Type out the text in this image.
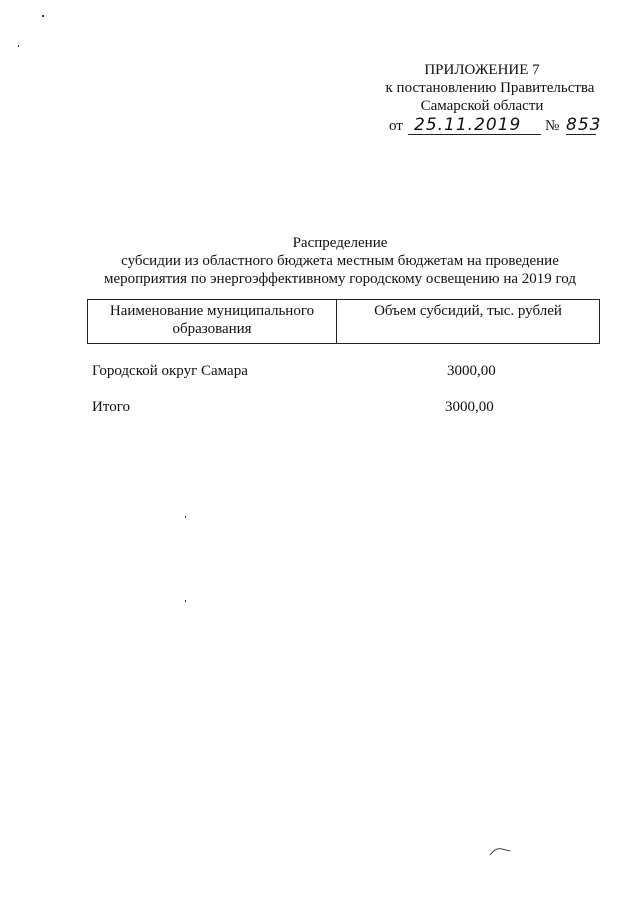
ПРИЛОЖЕНИЕ 7
к постановлению Правительства
Самарской области
от 25.11.2019 № 853
Распределение
субсидии из областного бюджета местным бюджетам на проведение
мероприятия по энергоэффективному городскому освещению на 2019 год
Наименование муниципального
образования	Объем субсидий, тыс. рублей
Городской округ Самара	3000,00
Итого	3000,00
